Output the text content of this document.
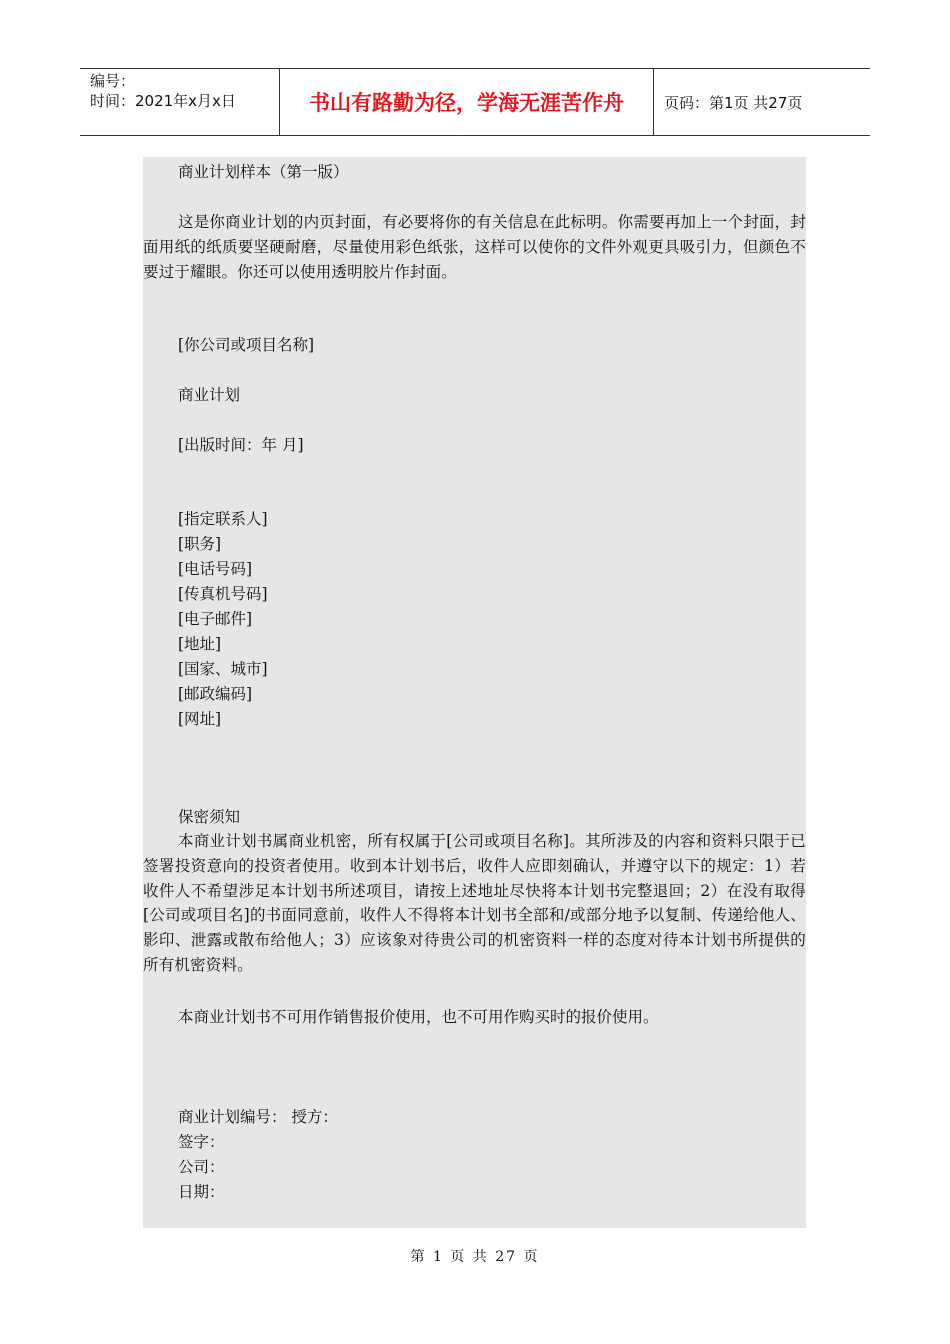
编号：
时间：2021年x月x日	书山有路勤为径，学海无涯苦作舟	页码：第1页 共27页
商业计划样本（第一版）
这是你商业计划的内页封面，有必要将你的有关信息在此标明。你需要再加上一个封面，封面用纸的纸质要坚硬耐磨，尽量使用彩色纸张，这样可以使你的文件外观更具吸引力，但颜色不要过于耀眼。你还可以使用透明胶片作封面。
[你公司或项目名称]
商业计划
[出版时间：年 月]
[指定联系人]
[职务]
[电话号码]
[传真机号码]
[电子邮件]
[地址]
[国家、城市]
[邮政编码]
[网址]
保密须知
本商业计划书属商业机密，所有权属于[公司或项目名称]。其所涉及的内容和资料只限于已签署投资意向的投资者使用。收到本计划书后，收件人应即刻确认，并遵守以下的规定：1）若收件人不希望涉足本计划书所述项目，请按上述地址尽快将本计划书完整退回；2）在没有取得[公司或项目名]的书面同意前，收件人不得将本计划书全部和/或部分地予以复制、传递给他人、影印、泄露或散布给他人；3）应该象对待贵公司的机密资料一样的态度对待本计划书所提供的所有机密资料。
本商业计划书不可用作销售报价使用，也不可用作购买时的报价使用。
商业计划编号： 授方：
签字：
公司：
日期：
第 1 页 共 27 页
